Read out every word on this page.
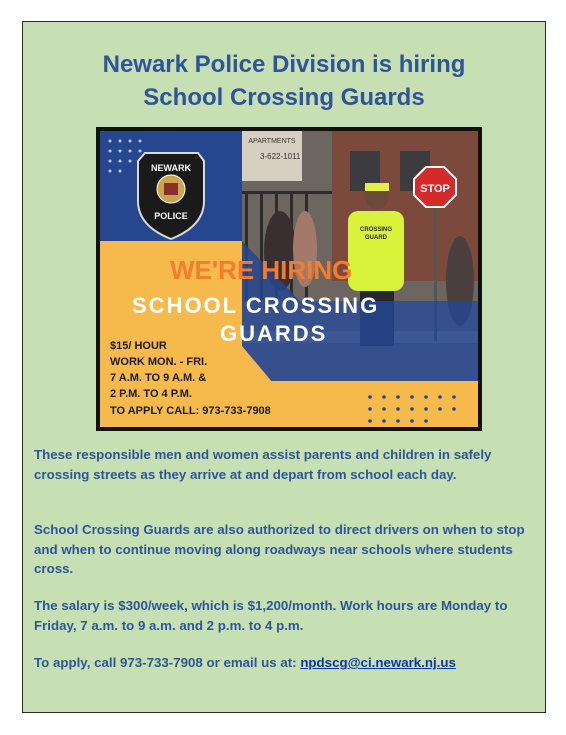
Newark Police Division is hiring
School Crossing Guards
APARTMENTS
3-622-1011
CROSSING
GUARD
STOP
NEWARK
POLICE
WE'RE HIRING
SCHOOL CROSSING
GUARDS
$15/ HOUR
WORK MON. - FRI.
7 A.M. TO 9 A.M. &
2 P.M. TO 4 P.M.
TO APPLY CALL: 973-733-7908

These responsible men and women assist parents and children in safely crossing streets as they arrive at and depart from school each day.

School Crossing Guards are also authorized to direct drivers on when to stop and when to continue moving along roadways near schools where students cross.

The salary is $300/week, which is $1,200/month. Work hours are Monday to Friday, 7 a.m. to 9 a.m. and 2 p.m. to 4 p.m.

To apply, call 973-733-7908 or email us at: npdscg@ci.newark.nj.us
